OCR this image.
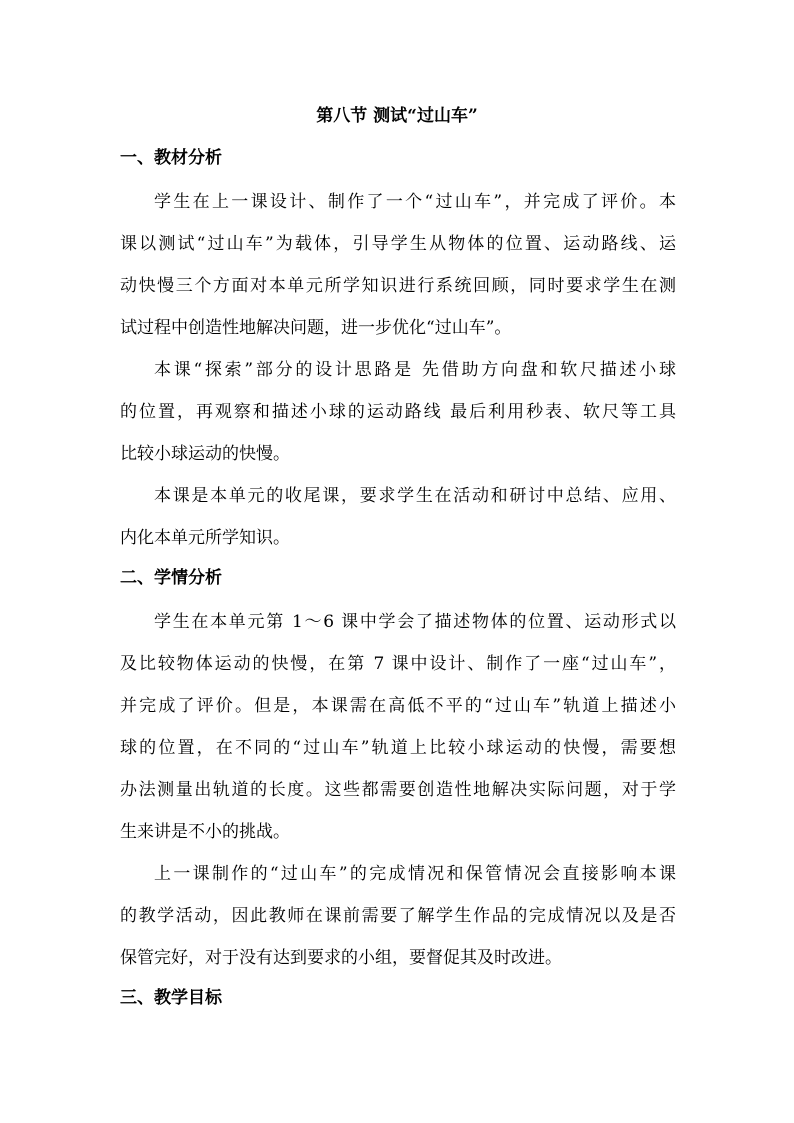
第八节 测试“过山车”
一、教材分析
学生在上一课设计、制作了一个“过山车”，并完成了评价。本
课以测试“过山车”为载体，引导学生从物体的位置、运动路线、运
动快慢三个方面对本单元所学知识进行系统回顾，同时要求学生在测
试过程中创造性地解决问题，进一步优化“过山车”。
本课“探索”部分的设计思路是 先借助方向盘和软尺描述小球
的位置，再观察和描述小球的运动路线 最后利用秒表、软尺等工具
比较小球运动的快慢。
本课是本单元的收尾课，要求学生在活动和研讨中总结、应用、
内化本单元所学知识。
二、学情分析
学生在本单元第 1～6 课中学会了描述物体的位置、运动形式以
及比较物体运动的快慢，在第 7 课中设计、制作了一座“过山车”，
并完成了评价。但是，本课需在高低不平的“过山车”轨道上描述小
球的位置，在不同的“过山车”轨道上比较小球运动的快慢，需要想
办法测量出轨道的长度。这些都需要创造性地解决实际问题，对于学
生来讲是不小的挑战。
上一课制作的“过山车”的完成情况和保管情况会直接影响本课
的教学活动，因此教师在课前需要了解学生作品的完成情况以及是否
保管完好，对于没有达到要求的小组，要督促其及时改进。
三、教学目标
